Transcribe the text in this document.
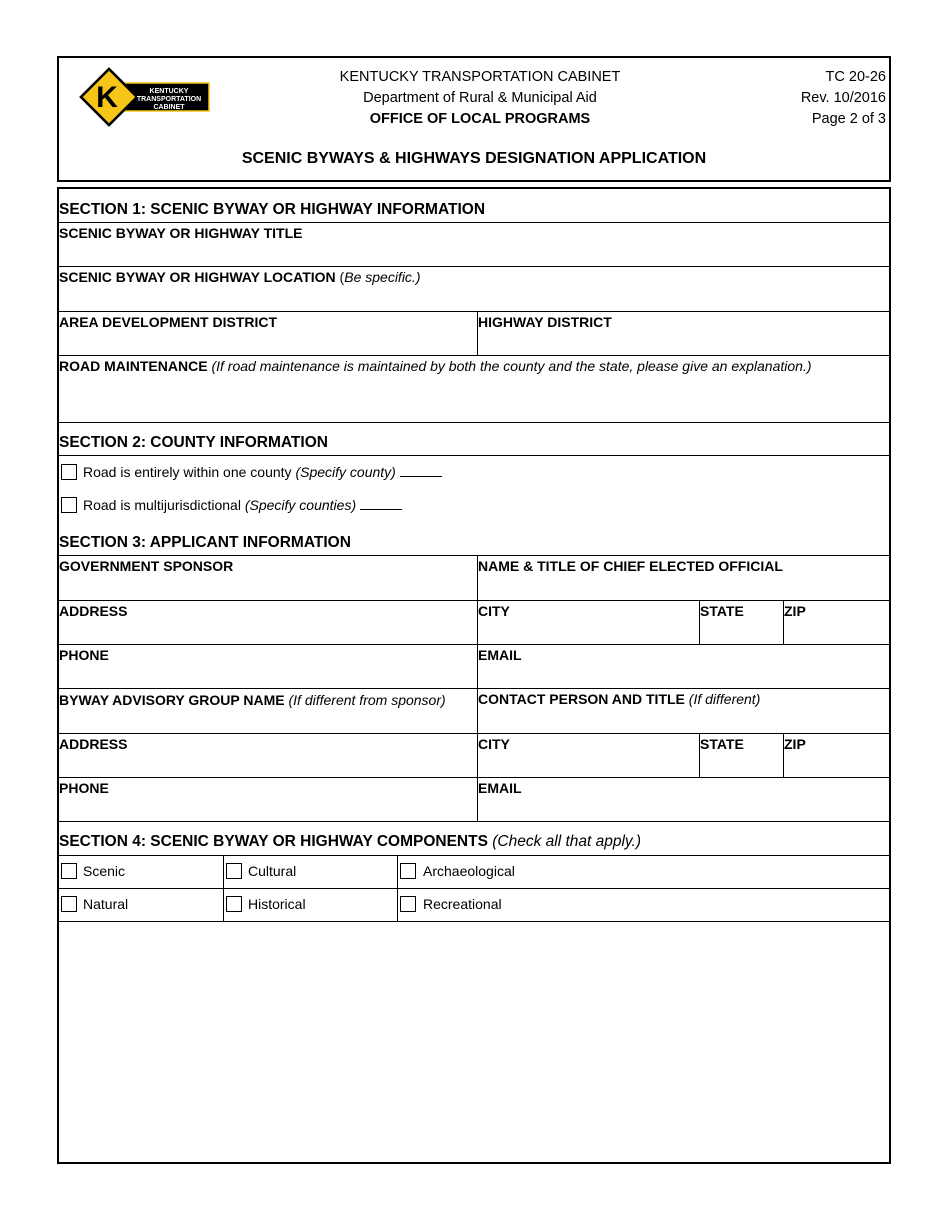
K	KENTUCKY
TRANSPORTATION
CABINET
KENTUCKY TRANSPORTATION CABINET
Department of Rural & Municipal Aid
OFFICE OF LOCAL PROGRAMS
TC 20-26
Rev. 10/2016
Page 2 of 3
SCENIC BYWAYS & HIGHWAYS DESIGNATION APPLICATION
SECTION 1: SCENIC BYWAY OR HIGHWAY INFORMATION
SCENIC BYWAY OR HIGHWAY TITLE
SCENIC BYWAY OR HIGHWAY LOCATION (Be specific.)
AREA DEVELOPMENT DISTRICT	HIGHWAY DISTRICT
ROAD MAINTENANCE (If road maintenance is maintained by both the county and the state, please give an explanation.)
SECTION 2: COUNTY INFORMATION
Road is entirely within one county (Specify county)
Road is multijurisdictional (Specify counties)
SECTION 3: APPLICANT INFORMATION
GOVERNMENT SPONSOR	NAME & TITLE OF CHIEF ELECTED OFFICIAL
ADDRESS	CITY	STATE	ZIP
PHONE	EMAIL
BYWAY ADVISORY GROUP NAME (If different from sponsor)	CONTACT PERSON AND TITLE (If different)
ADDRESS	CITY	STATE	ZIP
PHONE	EMAIL
SECTION 4: SCENIC BYWAY OR HIGHWAY COMPONENTS (Check all that apply.)
Scenic	Cultural	Archaeological
Natural	Historical	Recreational
